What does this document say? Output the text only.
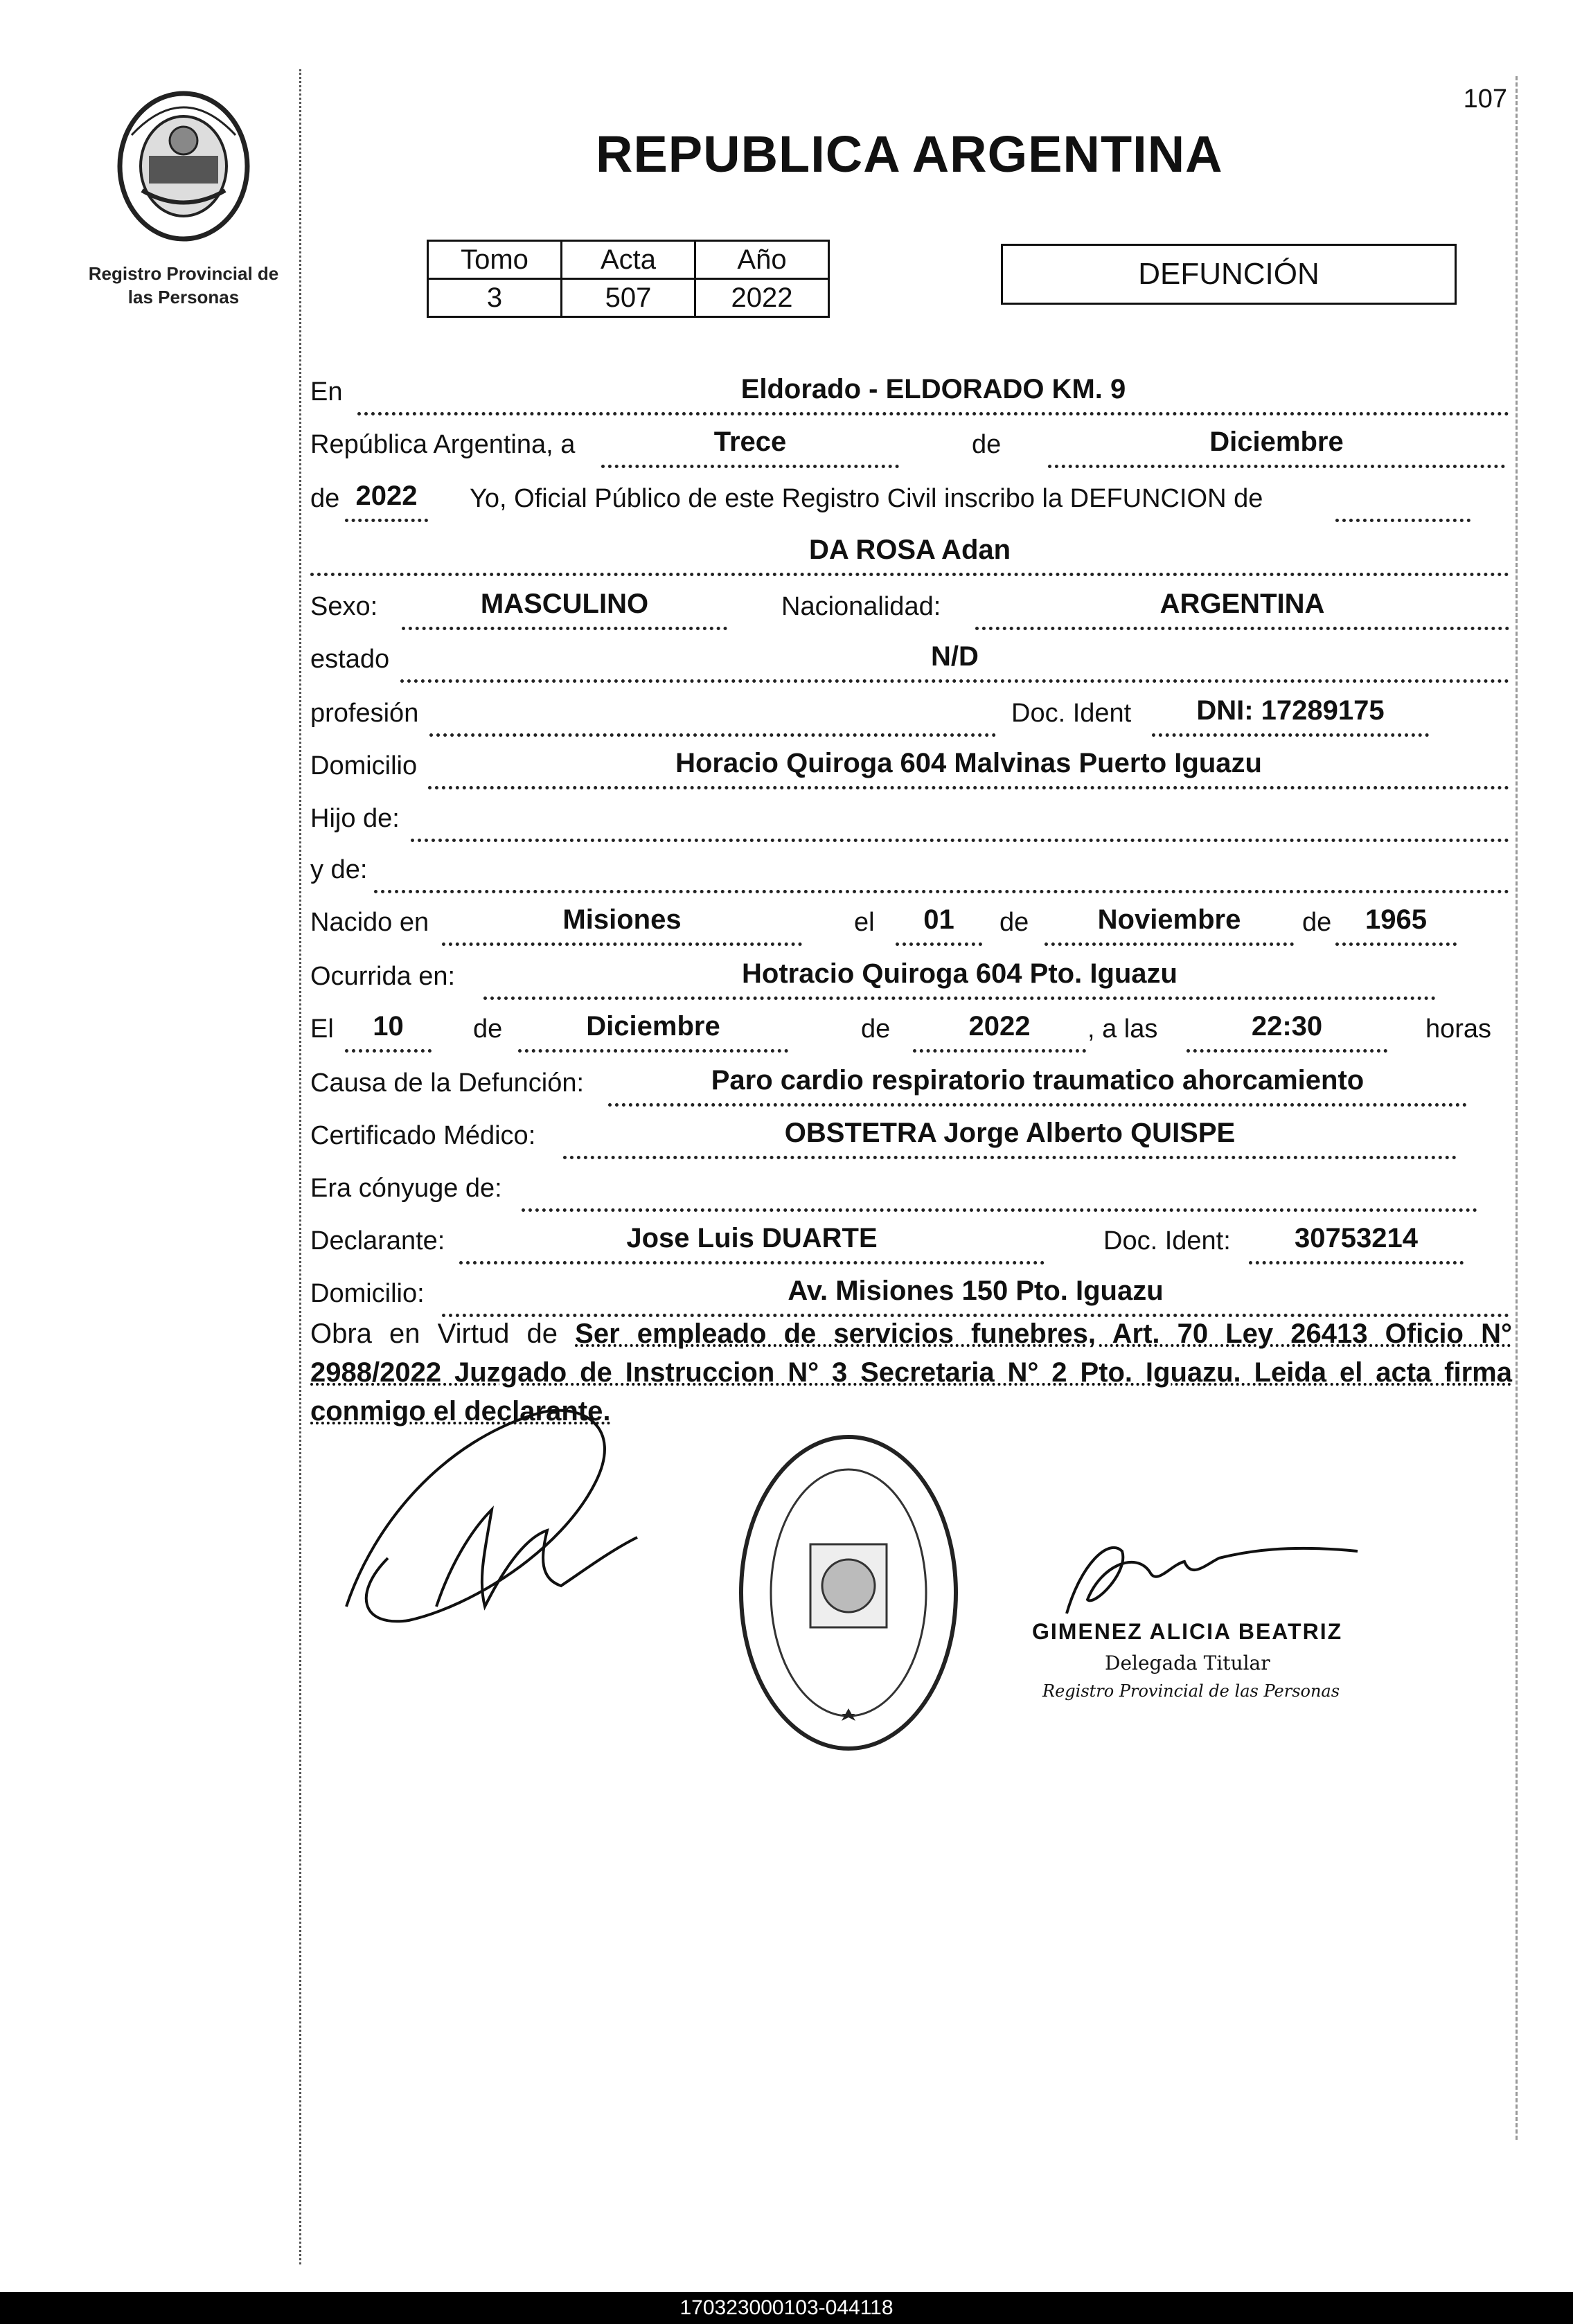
Registro Provincial de las Personas
107
REPUBLICA ARGENTINA
Tomo	Acta	Año
3	507	2022
DEFUNCIÓN
En	Eldorado - ELDORADO KM. 9
República Argentina, a	Trece	de	Diciembre
de 2022	Yo, Oficial Público de este Registro Civil inscribo la DEFUNCION de
DA ROSA Adan
Sexo:	MASCULINO	Nacionalidad:	ARGENTINA
estado	N/D
profesión	Doc. Ident	DNI: 17289175
Domicilio	Horacio Quiroga 604 Malvinas Puerto Iguazu
Hijo de:
y de:
Nacido en	Misiones	el	01	de	Noviembre	de	1965
Ocurrida en:	Hotracio Quiroga 604 Pto. Iguazu
El	10	de	Diciembre	de	2022	, a las	22:30	horas
Causa de la Defunción:	Paro cardio respiratorio traumatico ahorcamiento
Certificado Médico:	OBSTETRA Jorge Alberto QUISPE
Era cónyuge de:
Declarante:	Jose Luis DUARTE	Doc. Ident:	30753214
Domicilio:	Av. Misiones 150 Pto. Iguazu
Obra en Virtud de Ser empleado de servicios funebres, Art. 70 Ley 26413 Oficio N° 2988/2022 Juzgado de Instruccion N° 3 Secretaria N° 2 Pto. Iguazu. Leida el acta firma conmigo el declarante.
GIMENEZ ALICIA BEATRIZ
Delegada Titular
Registro Provincial de las Personas
170323000103-044118
